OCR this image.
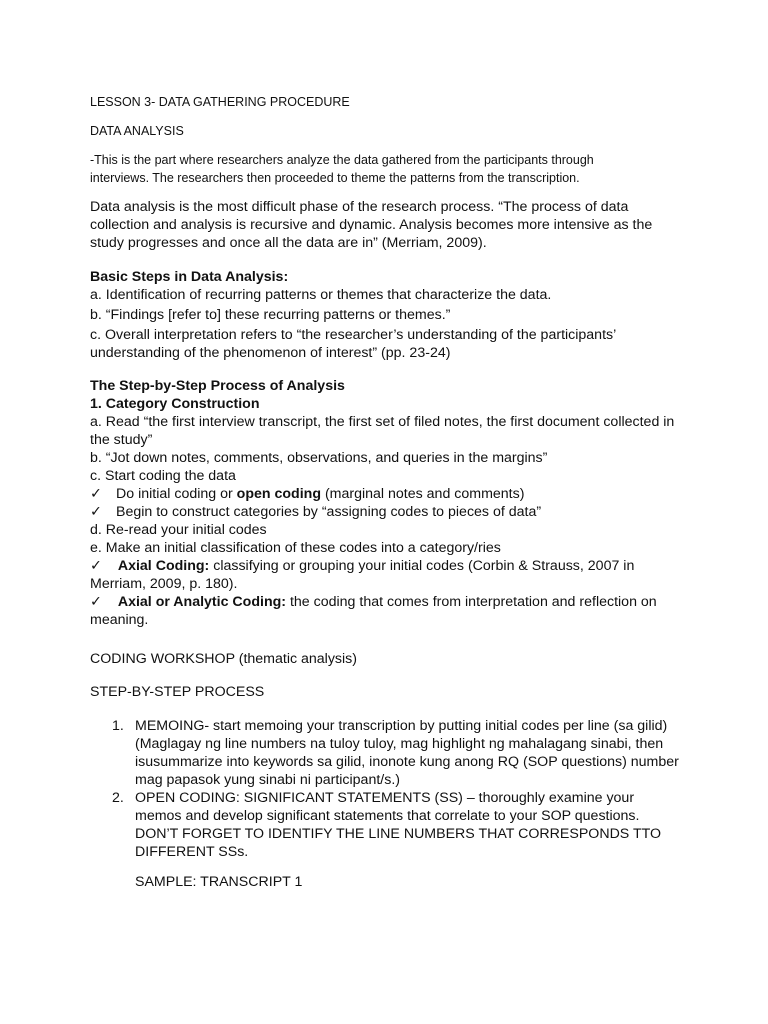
LESSON 3- DATA GATHERING PROCEDURE

DATA ANALYSIS

-This is the part where researchers analyze the data gathered from the participants through interviews. The researchers then proceeded to theme the patterns from the transcription.

Data analysis is the most difficult phase of the research process. “The process of data collection and analysis is recursive and dynamic. Analysis becomes more intensive as the study progresses and once all the data are in” (Merriam, 2009).

Basic Steps in Data Analysis:

a. Identification of recurring patterns or themes that characterize the data.

b. “Findings [refer to] these recurring patterns or themes.”

c. Overall interpretation refers to “the researcher’s understanding of the participants’ understanding of the phenomenon of interest” (pp. 23-24)

The Step-by-Step Process of Analysis

1. Category Construction

a. Read “the first interview transcript, the first set of filed notes, the first document collected in the study”

b. “Jot down notes, comments, observations, and queries in the margins”

c. Start coding the data

✓ Do initial coding or open coding (marginal notes and comments)
✓ Begin to construct categories by “assigning codes to pieces of data”

d. Re-read your initial codes

e. Make an initial classification of these codes into a category/ries

✓ Axial Coding: classifying or grouping your initial codes (Corbin & Strauss, 2007 in Merriam, 2009, p. 180).
✓ Axial or Analytic Coding: the coding that comes from interpretation and reflection on meaning.

CODING WORKSHOP (thematic analysis)

STEP-BY-STEP PROCESS

1. MEMOING- start memoing your transcription by putting initial codes per line (sa gilid) (Maglagay ng line numbers na tuloy tuloy, mag highlight ng mahalagang sinabi, then isusummarize into keywords sa gilid, inonote kung anong RQ (SOP questions) number mag papasok yung sinabi ni participant/s.)
2. OPEN CODING: SIGNIFICANT STATEMENTS (SS) – thoroughly examine your memos and develop significant statements that correlate to your SOP questions. DON’T FORGET TO IDENTIFY THE LINE NUMBERS THAT CORRESPONDS TTO DIFFERENT SSs.

SAMPLE: TRANSCRIPT 1
